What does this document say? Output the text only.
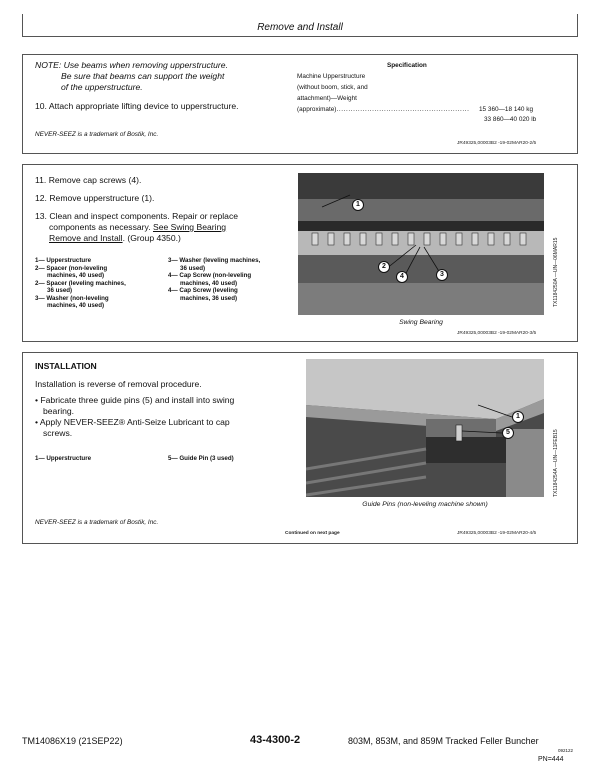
Remove and Install
NOTE: Use beams when removing upperstructure.
Be sure that beams can support the weight
of the upperstructure.
10. Attach appropriate lifting device to upperstructure.
NEVER-SEEZ is a trademark of Bostik, Inc.
Specification
Machine Upperstructure
(without boom, stick, and
attachment)—Weight
(approximate)........................................................ 15 360—18 140 kg
33 860—40 020 lb
JR49325,00003B2 -19-02MAR20-2/5
11. Remove cap screws (4).
12. Remove upperstructure (1).
13. Clean and inspect components. Repair or replace
components as necessary. See Swing Bearing
Remove and Install. (Group 4350.)
1— Upperstructure
2— Spacer (non-leveling
machines, 40 used)
2— Spacer (leveling machines,
36 used)
3— Washer (non-leveling
machines, 40 used)
3— Washer (leveling machines,
36 used)
4— Cap Screw (non-leveling
machines, 40 used)
4— Cap Screw (leveling
machines, 36 used)
1
2
4	3	TX1184250A —UN—06MAR15
Swing Bearing
JR49325,00003B2 -19-02MAR20-3/5
INSTALLATION
Installation is reverse of removal procedure.
• Fabricate three guide pins (5) and install into swing
bearing.
• Apply NEVER-SEEZ® Anti-Seize Lubricant to cap
screws.
1— Upperstructure	5— Guide Pin (3 used)
1
5	TX1184254A —UN—11FEB15
Guide Pins (non-leveling machine shown)
NEVER-SEEZ is a trademark of Bostik, Inc.
Continued on next page	JR49325,00003B2 -19-02MAR20-4/5
TM14086X19 (21SEP22)	43-4300-2	803M, 853M, and 859M Tracked Feller Buncher
092122
PN=444
